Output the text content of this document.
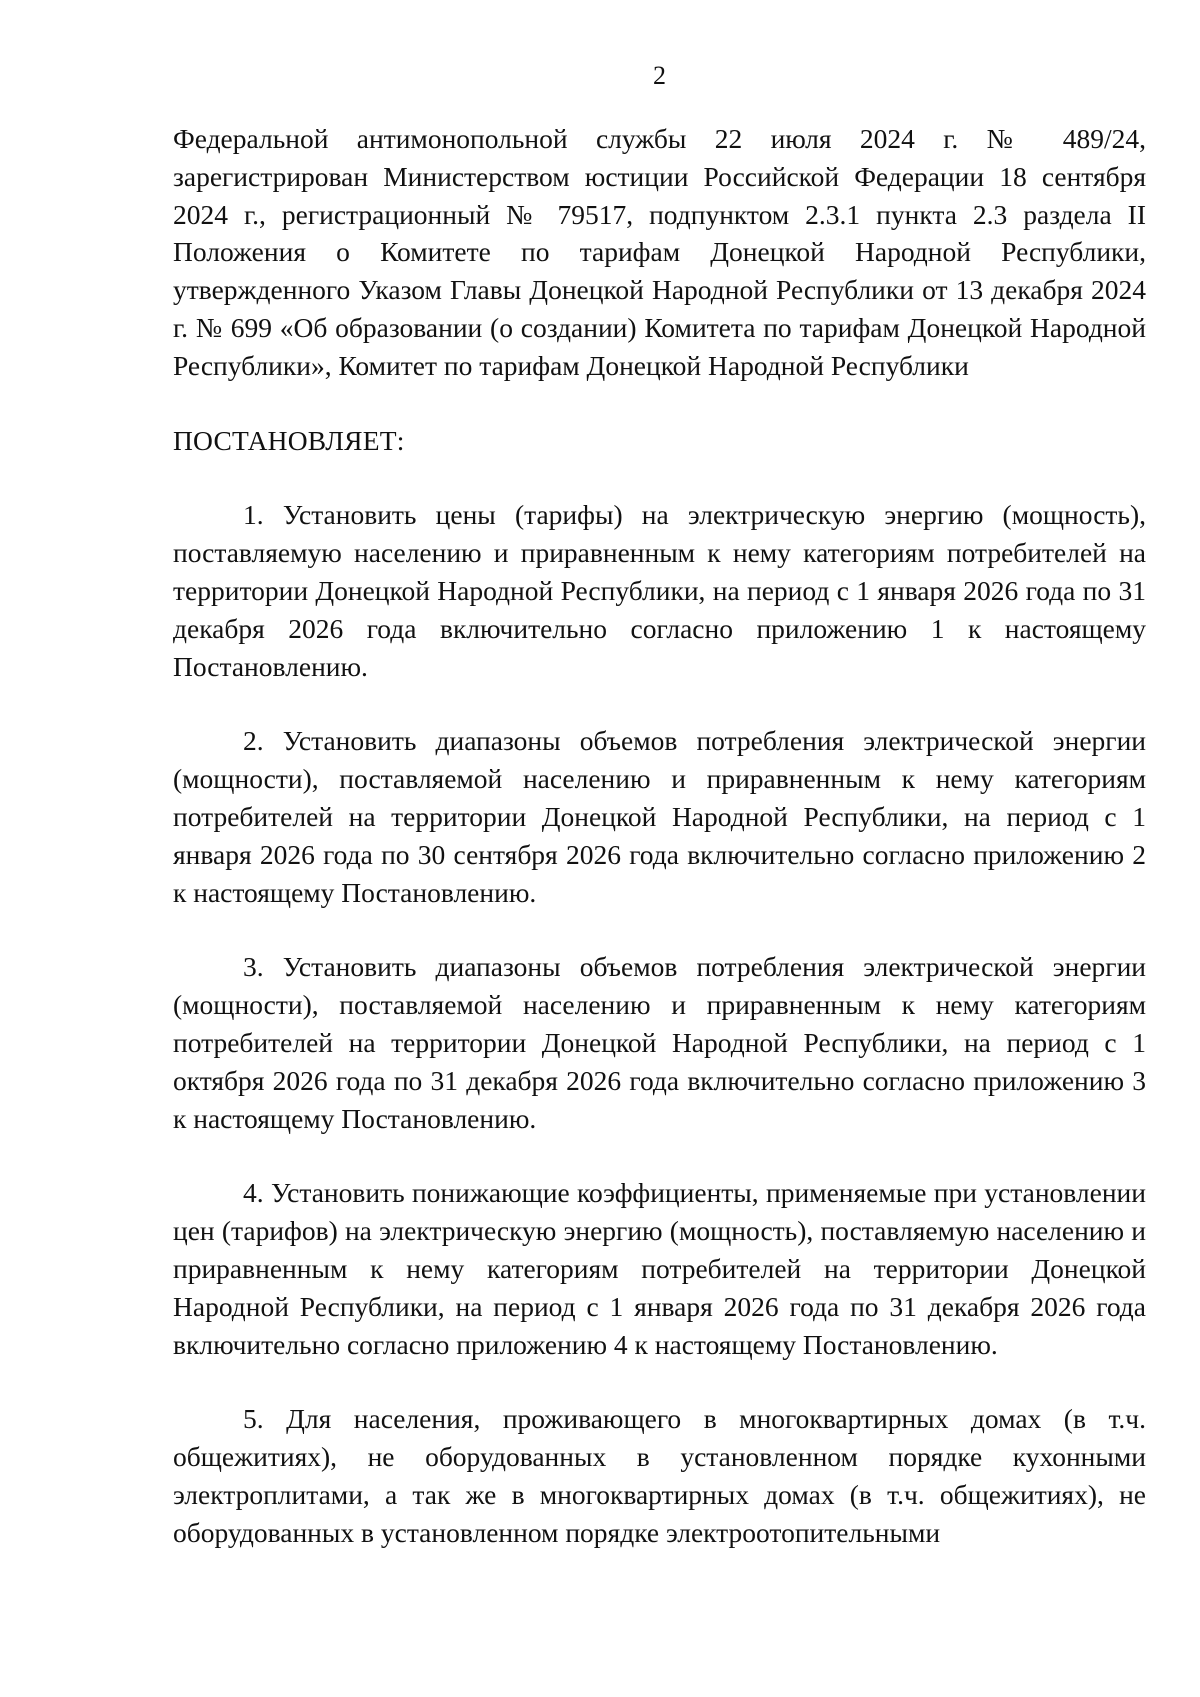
2

Федеральной антимонопольной службы 22 июля 2024 г. № 489/24, зарегистрирован Министерством юстиции Российской Федерации 18 сентября 2024 г., регистрационный № 79517, подпунктом 2.3.1 пункта 2.3 раздела II Положения о Комитете по тарифам Донецкой Народной Республики, утвержденного Указом Главы Донецкой Народной Республики от 13 декабря 2024 г. № 699 «Об образовании (о создании) Комитета по тарифам Донецкой Народной Республики», Комитет по тарифам Донецкой Народной Республики

ПОСТАНОВЛЯЕТ:

1. Установить цены (тарифы) на электрическую энергию (мощность), поставляемую населению и приравненным к нему категориям потребителей на территории Донецкой Народной Республики, на период с 1 января 2026 года по 31 декабря 2026 года включительно согласно приложению 1 к настоящему Постановлению.

2. Установить диапазоны объемов потребления электрической энергии (мощности), поставляемой населению и приравненным к нему категориям потребителей на территории Донецкой Народной Республики, на период с 1 января 2026 года по 30 сентября 2026 года включительно согласно приложению 2 к настоящему Постановлению.

3. Установить диапазоны объемов потребления электрической энергии (мощности), поставляемой населению и приравненным к нему категориям потребителей на территории Донецкой Народной Республики, на период с 1 октября 2026 года по 31 декабря 2026 года включительно согласно приложению 3 к настоящему Постановлению.

4. Установить понижающие коэффициенты, применяемые при установлении цен (тарифов) на электрическую энергию (мощность), поставляемую населению и приравненным к нему категориям потребителей на территории Донецкой Народной Республики, на период с 1 января 2026 года по 31 декабря 2026 года включительно согласно приложению 4 к настоящему Постановлению.

5. Для населения, проживающего в многоквартирных домах (в т.ч. общежитиях), не оборудованных в установленном порядке кухонными электроплитами, а так же в многоквартирных домах (в т.ч. общежитиях), не оборудованных в установленном порядке электроотопительными
